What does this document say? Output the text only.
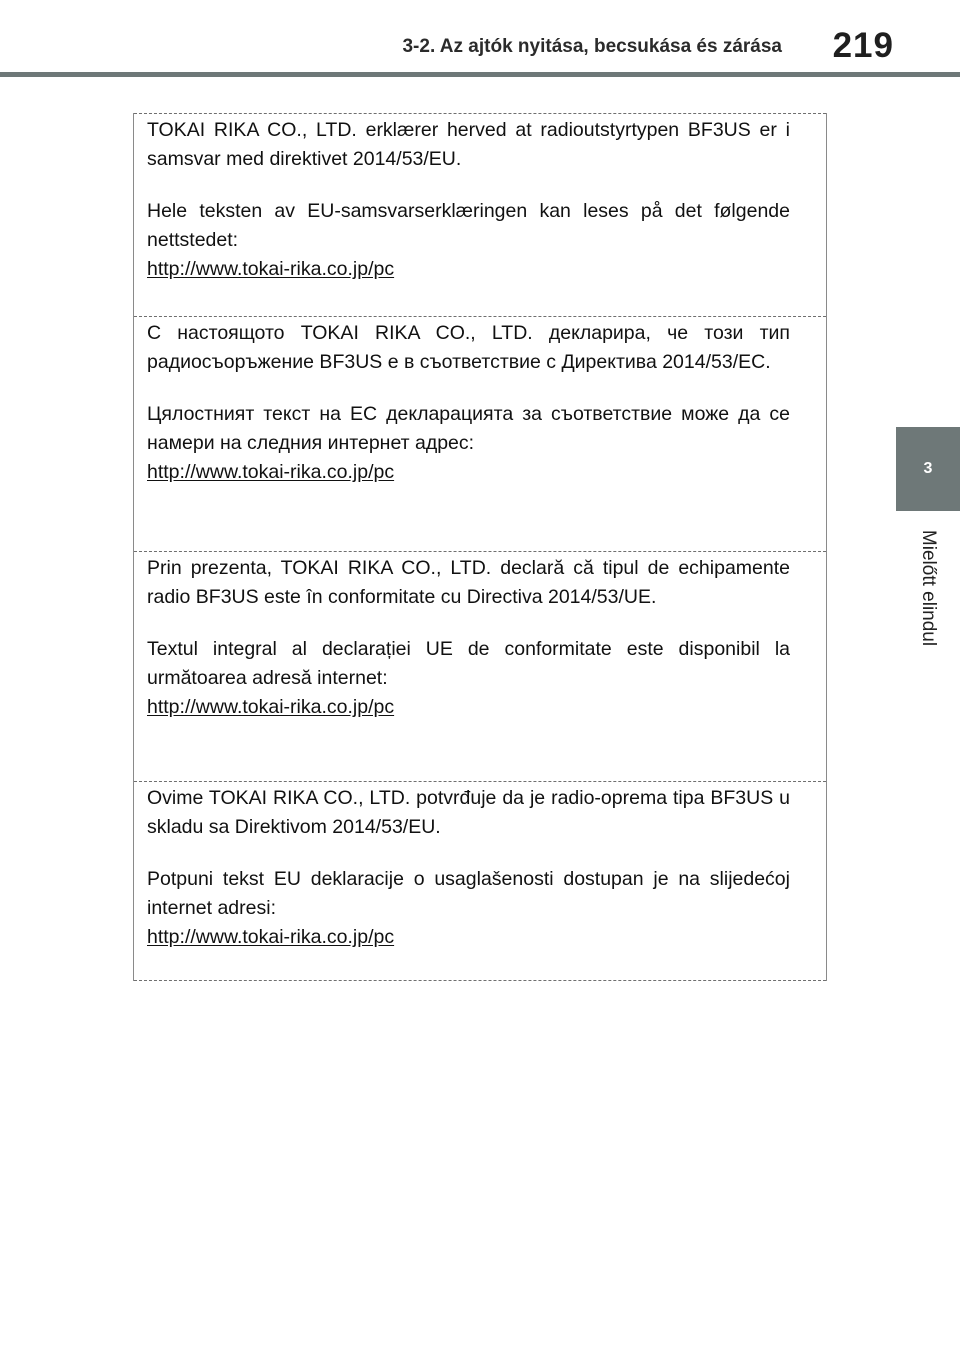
3-2. Az ajtók nyitása, becsukása és zárása 219
3
Mielőtt elindul

TOKAI RIKA CO., LTD. erklærer herved at radioutstyrtypen BF3US er i samsvar med direktivet 2014/53/EU.

Hele teksten av EU-samsvarserklæringen kan leses på det følgende nettstedet:

http://www.tokai-rika.co.jp/pc

С настоящото TOKAI RIKA CO., LTD. декларира, че този тип радиосъоръжение BF3US е в съответствие с Директива 2014/53/ЕС.

Цялостният текст на ЕС декларацията за съответствие може да се намери на следния интернет адрес:

http://www.tokai-rika.co.jp/pc

Prin prezenta, TOKAI RIKA CO., LTD. declară că tipul de echipamente radio BF3US este în conformitate cu Directiva 2014/53/UE.

Textul integral al declarației UE de conformitate este disponibil la următoarea adresă internet:

http://www.tokai-rika.co.jp/pc

Ovime TOKAI RIKA CO., LTD. potvrđuje da je radio-oprema tipa BF3US u skladu sa Direktivom 2014/53/EU.

Potpuni tekst EU deklaracije o usaglašenosti dostupan je na slijedećoj internet adresi:

http://www.tokai-rika.co.jp/pc
